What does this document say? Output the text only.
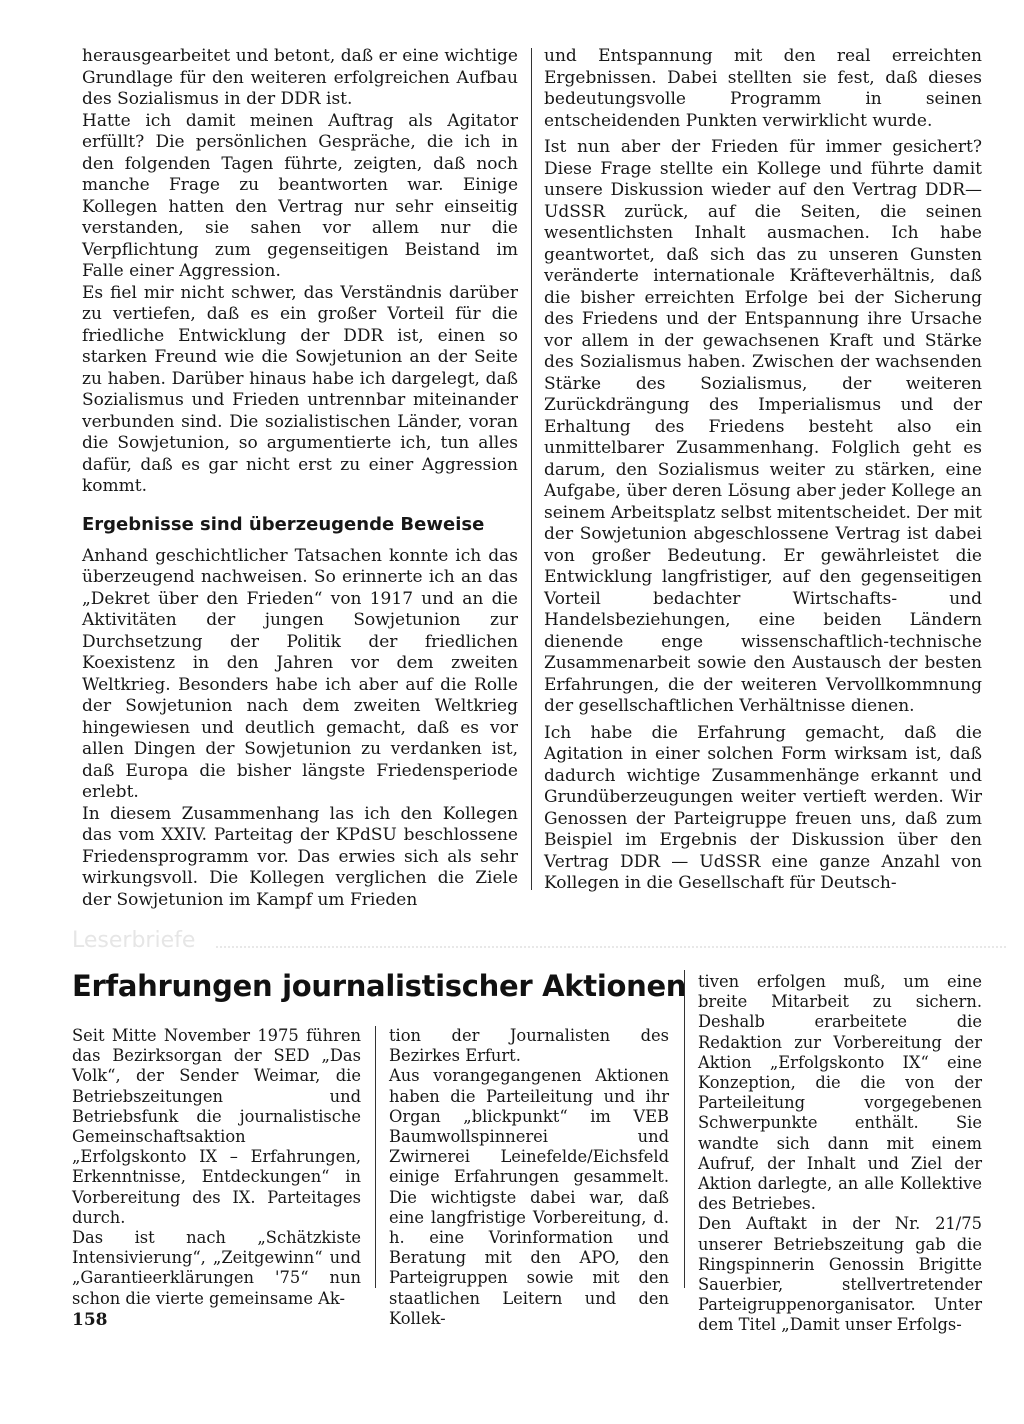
herausgearbeitet und betont, daß er eine wichtige Grundlage für den weiteren erfolgreichen Aufbau des Sozialismus in der DDR ist.

Hatte ich damit meinen Auftrag als Agitator erfüllt? Die persönlichen Gespräche, die ich in den folgenden Tagen führte, zeigten, daß noch manche Frage zu beantworten war. Einige Kollegen hatten den Vertrag nur sehr einseitig verstanden, sie sahen vor allem nur die Verpflichtung zum gegenseitigen Beistand im Falle einer Aggression.

Es fiel mir nicht schwer, das Verständnis darüber zu vertiefen, daß es ein großer Vorteil für die friedliche Entwicklung der DDR ist, einen so starken Freund wie die Sowjetunion an der Seite zu haben. Darüber hinaus habe ich dargelegt, daß Sozialismus und Frieden untrennbar miteinander verbunden sind. Die sozialistischen Länder, voran die Sowjetunion, so argumentierte ich, tun alles dafür, daß es gar nicht erst zu einer Aggression kommt.

Ergebnisse sind überzeugende Beweise

Anhand geschichtlicher Tatsachen konnte ich das überzeugend nachweisen. So erinnerte ich an das „Dekret über den Frieden“ von 1917 und an die Aktivitäten der jungen Sowjetunion zur Durchsetzung der Politik der friedlichen Koexistenz in den Jahren vor dem zweiten Weltkrieg. Besonders habe ich aber auf die Rolle der Sowjetunion nach dem zweiten Weltkrieg hingewiesen und deutlich gemacht, daß es vor allen Dingen der Sowjetunion zu verdanken ist, daß Europa die bisher längste Friedensperiode erlebt.

In diesem Zusammenhang las ich den Kollegen das vom XXIV. Parteitag der KPdSU beschlossene Friedensprogramm vor. Das erwies sich als sehr wirkungsvoll. Die Kollegen verglichen die Ziele der Sowjetunion im Kampf um Frieden

und Entspannung mit den real erreichten Ergebnissen. Dabei stellten sie fest, daß dieses bedeutungsvolle Programm in seinen entscheidenden Punkten verwirklicht wurde.

Ist nun aber der Frieden für immer gesichert? Diese Frage stellte ein Kollege und führte damit unsere Diskussion wieder auf den Vertrag DDR—UdSSR zurück, auf die Seiten, die seinen wesentlichsten Inhalt ausmachen. Ich habe geantwortet, daß sich das zu unseren Gunsten veränderte internationale Kräfteverhältnis, daß die bisher erreichten Erfolge bei der Sicherung des Friedens und der Entspannung ihre Ursache vor allem in der gewachsenen Kraft und Stärke des Sozialismus haben. Zwischen der wachsenden Stärke des Sozialismus, der weiteren Zurückdrängung des Imperialismus und der Erhaltung des Friedens besteht also ein unmittelbarer Zusammenhang. Folglich geht es darum, den Sozialismus weiter zu stärken, eine Aufgabe, über deren Lösung aber jeder Kollege an seinem Arbeitsplatz selbst mitentscheidet. Der mit der Sowjetunion abgeschlossene Vertrag ist dabei von großer Bedeutung. Er gewährleistet die Entwicklung langfristiger, auf den gegenseitigen Vorteil bedachter Wirtschafts- und Handelsbeziehungen, eine beiden Ländern dienende enge wissenschaftlich-technische Zusammenarbeit sowie den Austausch der besten Erfahrungen, die der weiteren Vervollkommnung der gesellschaftlichen Verhältnisse dienen.

Ich habe die Erfahrung gemacht, daß die Agitation in einer solchen Form wirksam ist, daß dadurch wichtige Zusammenhänge erkannt und Grundüberzeugungen weiter vertieft werden. Wir Genossen der Parteigruppe freuen uns, daß zum Beispiel im Ergebnis der Diskussion über den Vertrag DDR — UdSSR eine ganze Anzahl von Kollegen in die Gesellschaft für Deutsch-

Leserbriefe
Erfahrungen journalistischer Aktionen

Seit Mitte November 1975 führen das Bezirksorgan der SED „Das Volk“, der Sender Weimar, die Betriebszeitungen und Betriebsfunk die journalistische Gemeinschaftsaktion „Erfolgskonto IX – Erfahrungen, Erkenntnisse, Entdeckungen“ in Vorbereitung des IX. Parteitages durch.

Das ist nach „Schätzkiste Intensivierung“, „Zeitgewinn“ und „Garantieerklärungen '75“ nun schon die vierte gemeinsame Ak-

tion der Journalisten des Bezirkes Erfurt.

Aus vorangegangenen Aktionen haben die Parteileitung und ihr Organ „blickpunkt“ im VEB Baumwollspinnerei und Zwirnerei Leinefelde/Eichsfeld einige Erfahrungen gesammelt. Die wichtigste dabei war, daß eine langfristige Vorbereitung, d. h. eine Vorinformation und Beratung mit den APO, den Parteigruppen sowie mit den staatlichen Leitern und den Kollek-

tiven erfolgen muß, um eine breite Mitarbeit zu sichern. Deshalb erarbeitete die Redaktion zur Vorbereitung der Aktion „Erfolgskonto IX“ eine Konzeption, die die von der Parteileitung vorgegebenen Schwerpunkte enthält. Sie wandte sich dann mit einem Aufruf, der Inhalt und Ziel der Aktion darlegte, an alle Kollektive des Betriebes.

Den Auftakt in der Nr. 21/75 unserer Betriebszeitung gab die Ringspinnerin Genossin Brigitte Sauerbier, stellvertretender Parteigruppenorganisator. Unter dem Titel „Damit unser Erfolgs-

158
